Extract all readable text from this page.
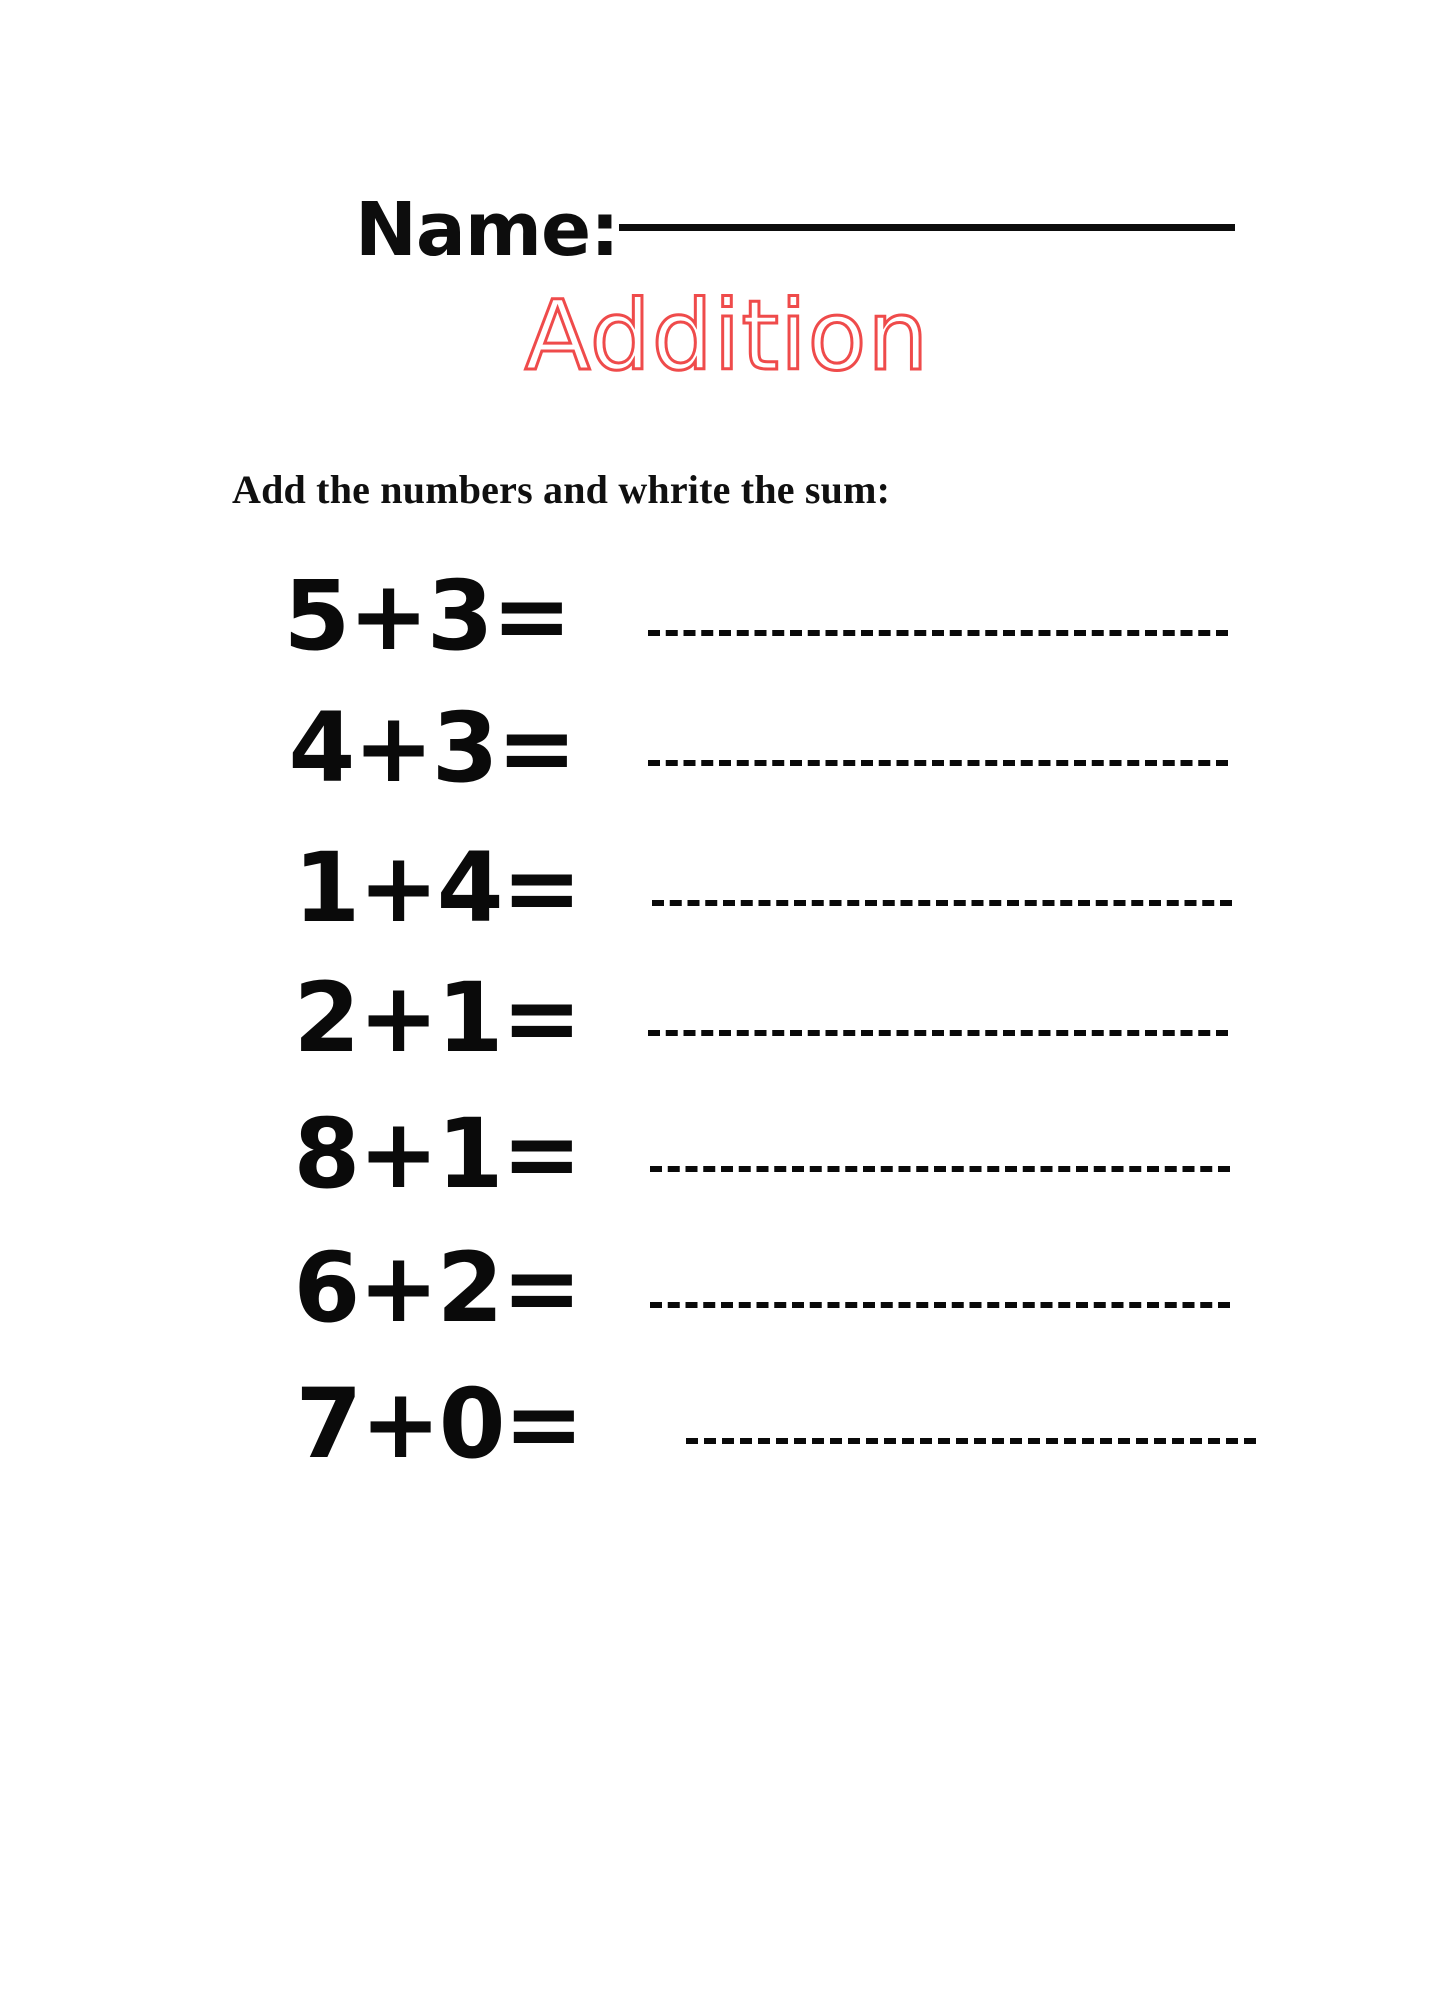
Name:
Addition
Add the numbers and whrite the sum:
5+3=
4+3=
1+4=
2+1=
8+1=
6+2=
7+0=
